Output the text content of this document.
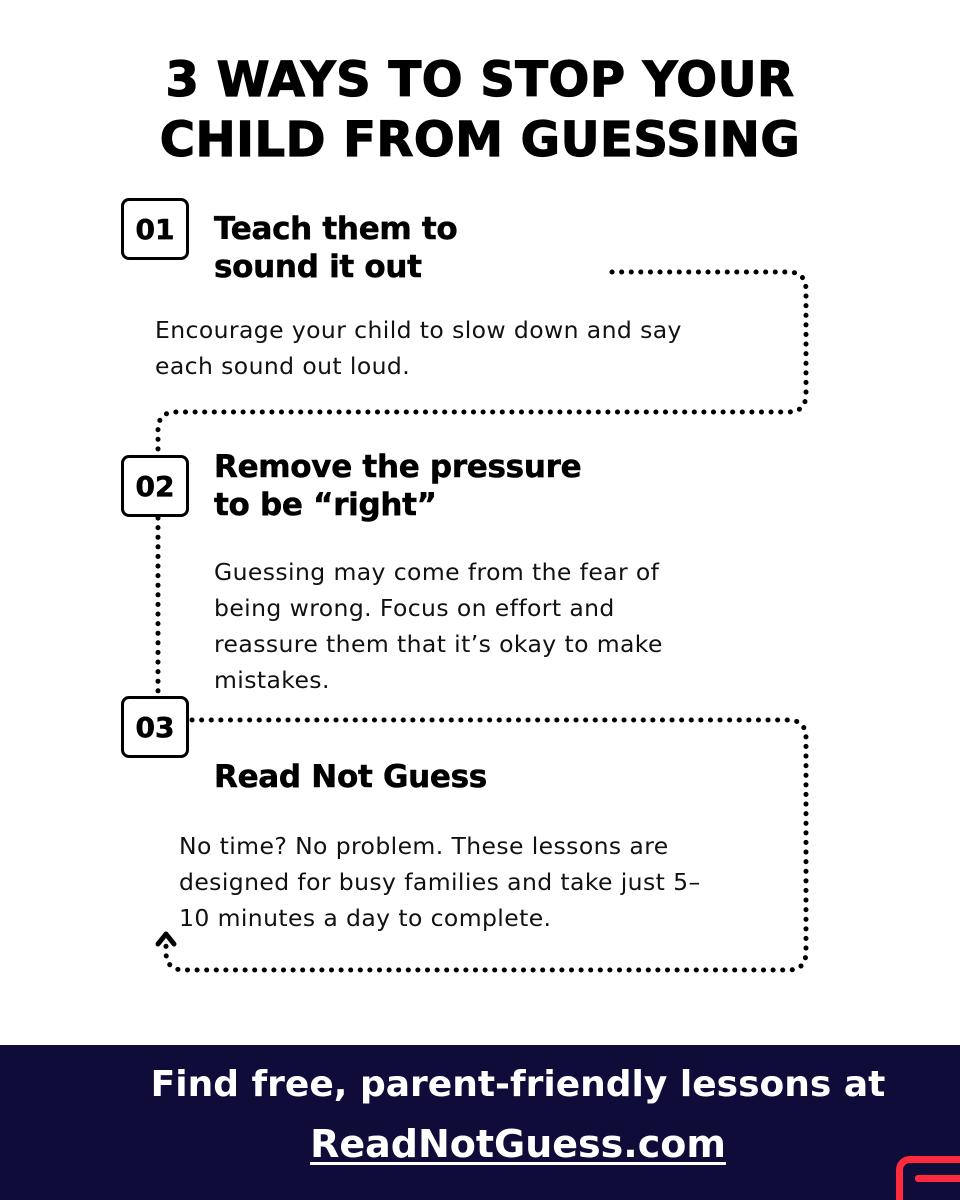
3 WAYS TO STOP YOUR
CHILD FROM GUESSING
01	Teach them to
sound it out
Encourage your child to slow down and say
each sound out loud.
02
Remove the pressure
to be “right”
Guessing may come from the fear of
being wrong. Focus on effort and
reassure them that it’s okay to make
mistakes.
03
Read Not Guess
No time? No problem. These lessons are
designed for busy families and take just 5–
10 minutes a day to complete.
Find free, parent-friendly lessons at
ReadNotGuess.com
